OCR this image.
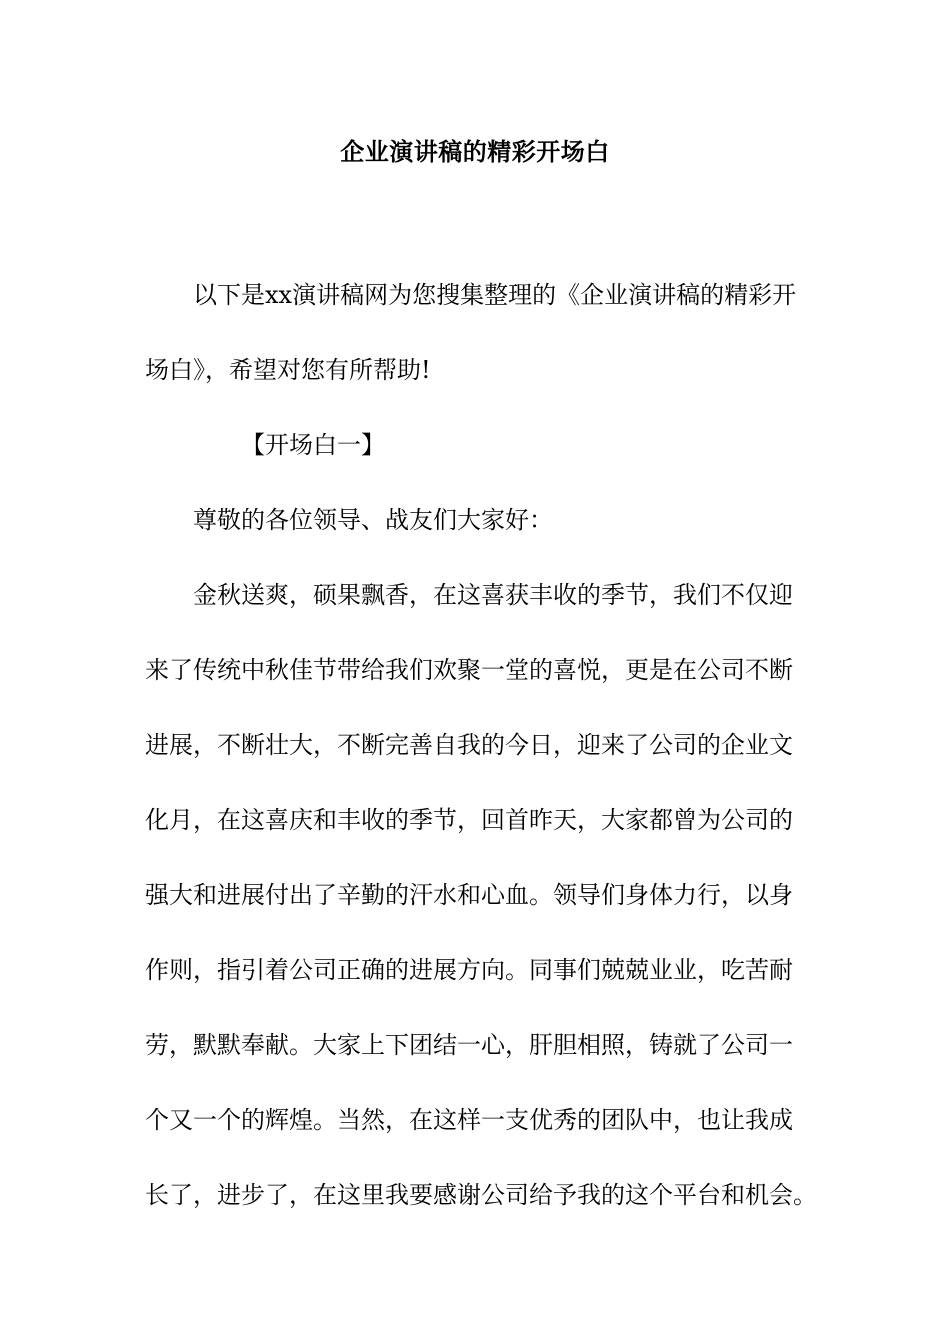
企业演讲稿的精彩开场白

以下是xx演讲稿网为您搜集整理的《企业演讲稿的精彩开

场白》，希望对您有所帮助!

【开场白一】

尊敬的各位领导、战友们大家好：

金秋送爽，硕果飘香，在这喜获丰收的季节，我们不仅迎

来了传统中秋佳节带给我们欢聚一堂的喜悦，更是在公司不断
进展，不断壮大，不断完善自我的今日，迎来了公司的企业文
化月，在这喜庆和丰收的季节，回首昨天，大家都曾为公司的
强大和进展付出了辛勤的汗水和心血。领导们身体力行，以身
作则，指引着公司正确的进展方向。同事们兢兢业业，吃苦耐
劳，默默奉献。大家上下团结一心，肝胆相照，铸就了公司一
个又一个的辉煌。当然，在这样一支优秀的团队中，也让我成
长了，进步了，在这里我要感谢公司给予我的这个平台和机会。
